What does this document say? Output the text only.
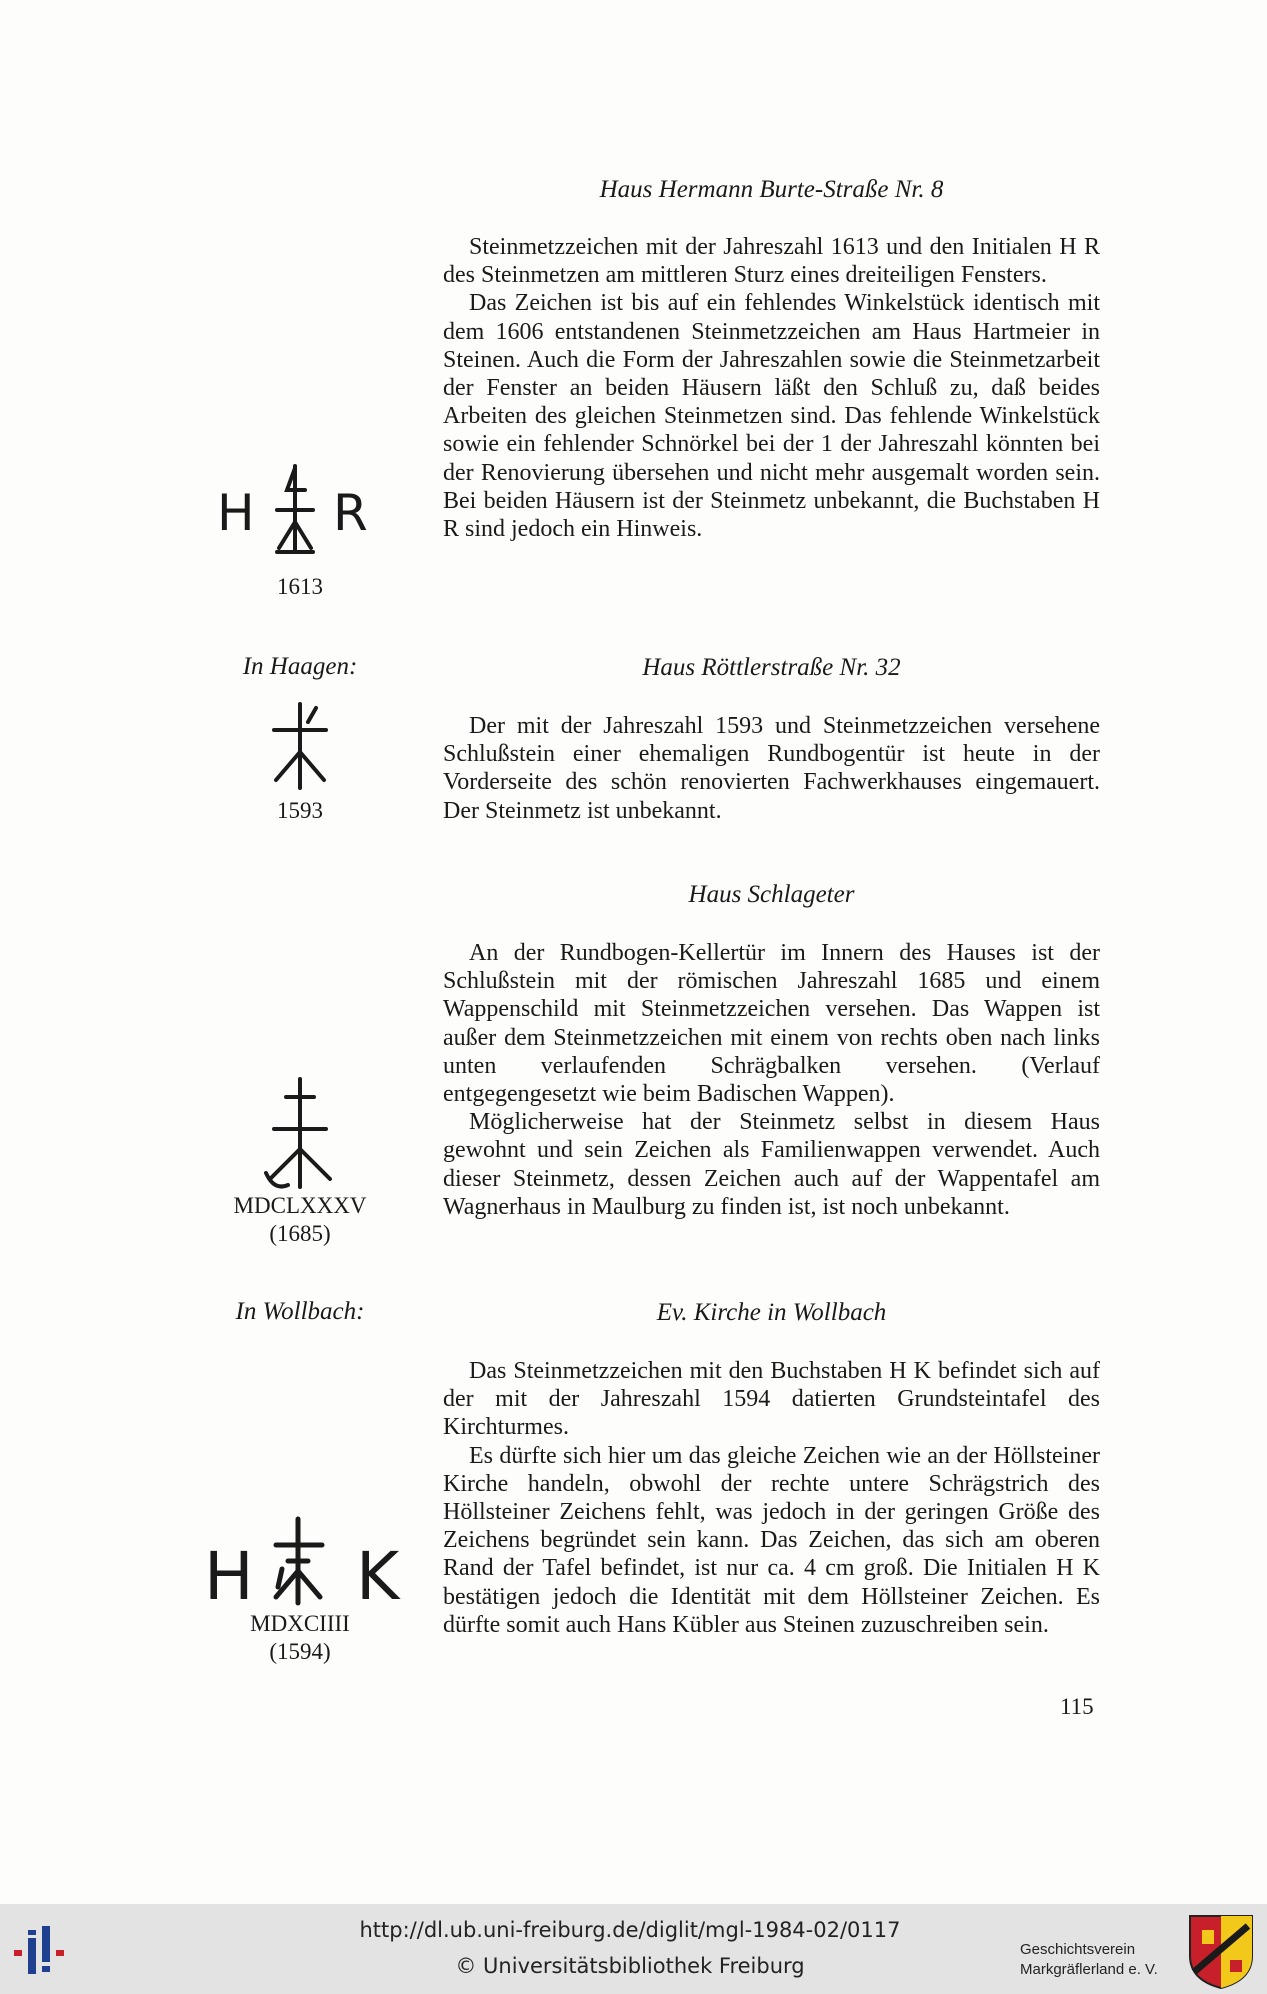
Haus Hermann Burte-Straße Nr. 8

Steinmetzzeichen mit der Jahreszahl 1613 und den Initialen H R des Steinmetzen am mittleren Sturz eines dreiteiligen Fensters.

Das Zeichen ist bis auf ein fehlendes Winkelstück identisch mit dem 1606 entstandenen Steinmetzzeichen am Haus Hartmeier in Steinen. Auch die Form der Jahreszahlen sowie die Steinmetzarbeit der Fenster an beiden Häusern läßt den Schluß zu, daß beides Arbeiten des gleichen Steinmetzen sind. Das fehlende Winkelstück sowie ein fehlender Schnörkel bei der 1 der Jahreszahl könnten bei der Renovierung übersehen und nicht mehr ausgemalt worden sein. Bei beiden Häusern ist der Steinmetz unbekannt, die Buchstaben H R sind jedoch ein Hinweis.

H R
1613
In Haagen:	Haus Röttlerstraße Nr. 32

Der mit der Jahreszahl 1593 und Steinmetzzeichen versehene Schlußstein einer ehemaligen Rundbogentür ist heute in der Vorderseite des schön renovierten Fachwerkhauses eingemauert. Der Steinmetz ist unbekannt.

1593
Haus Schlageter

An der Rundbogen-Kellertür im Innern des Hauses ist der Schlußstein mit der römischen Jahreszahl 1685 und einem Wappenschild mit Steinmetzzeichen versehen. Das Wappen ist außer dem Steinmetzzeichen mit einem von rechts oben nach links unten verlaufenden Schrägbalken versehen. (Verlauf entgegengesetzt wie beim Badischen Wappen).

Möglicherweise hat der Steinmetz selbst in diesem Haus gewohnt und sein Zeichen als Familienwappen verwendet. Auch dieser Steinmetz, dessen Zeichen auch auf der Wappentafel am Wagnerhaus in Maulburg zu finden ist, ist noch unbekannt.

MDCLXXXV
(1685)
In Wollbach:	Ev. Kirche in Wollbach

Das Steinmetzzeichen mit den Buchstaben H K befindet sich auf der mit der Jahreszahl 1594 datierten Grundsteintafel des Kirchturmes.

Es dürfte sich hier um das gleiche Zeichen wie an der Höllsteiner Kirche handeln, obwohl der rechte untere Schrägstrich des Höllsteiner Zeichens fehlt, was jedoch in der geringen Größe des Zeichens begründet sein kann. Das Zeichen, das sich am oberen Rand der Tafel befindet, ist nur ca. 4 cm groß. Die Initialen H K bestätigen jedoch die Identität mit dem Höllsteiner Zeichen. Es dürfte somit auch Hans Kübler aus Steinen zuzuschreiben sein.

H K
MDXCIIII
(1594)
115
http://dl.ub.uni-freiburg.de/diglit/mgl-1984-02/0117
© Universitätsbibliothek Freiburg
Geschichtsverein
Markgräflerland e. V.
